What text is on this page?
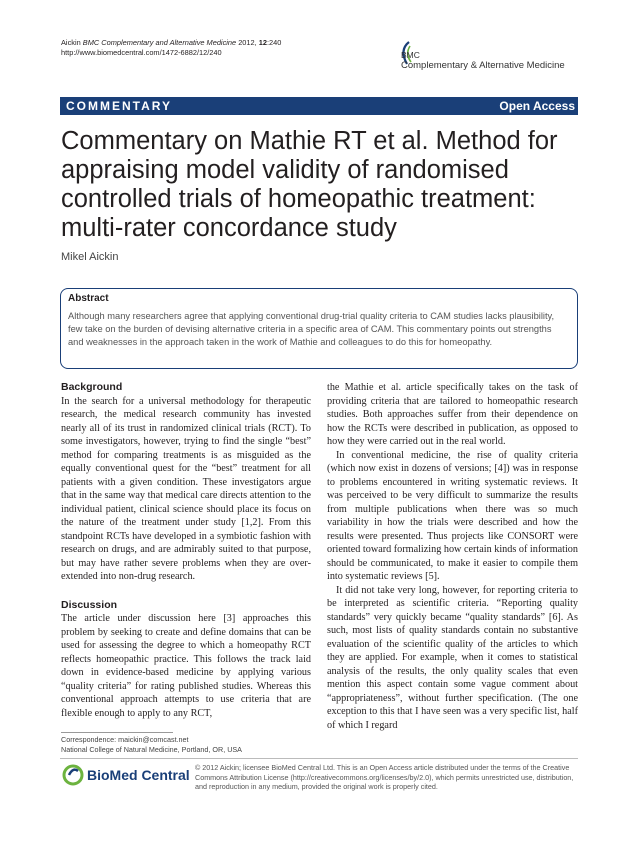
Aickin BMC Complementary and Alternative Medicine 2012, 12:240
http://www.biomedcentral.com/1472-6882/12/240	BMC
Complementary & Alternative Medicine
COMMENTARY	Open Access
Commentary on Mathie RT et al. Method for appraising model validity of randomised controlled trials of homeopathic treatment: multi-rater concordance study
Mikel Aickin
Abstract
Although many researchers agree that applying conventional drug-trial quality criteria to CAM studies lacks plausibility, few take on the burden of devising alternative criteria in a specific area of CAM. This commentary points out strengths and weaknesses in the approach taken in the work of Mathie and colleagues to do this for homeopathy.
Background

In the search for a universal methodology for therapeutic research, the medical research community has invested nearly all of its trust in randomized clinical trials (RCT). To some investigators, however, trying to find the single “best” method for comparing treatments is as misguided as the equally conventional quest for the “best” treatment for all patients with a given condition. These investigators argue that in the same way that medical care directs attention to the individual patient, clinical science should place its focus on the nature of the treatment under study [1,2]. From this standpoint RCTs have developed in a symbiotic fashion with research on drugs, and are admirably suited to that purpose, but may have rather severe problems when they are over-extended into non-drug research.

Discussion

The article under discussion here [3] approaches this problem by seeking to create and define domains that can be used for assessing the degree to which a homeopathy RCT reflects homeopathic practice. This follows the track laid down in evidence-based medicine by applying various “quality criteria” for rating published studies. Whereas this conventional approach attempts to use criteria that are flexible enough to apply to any RCT,

the Mathie et al. article specifically takes on the task of providing criteria that are tailored to homeopathic research studies. Both approaches suffer from their dependence on how the RCTs were described in publication, as opposed to how they were carried out in the real world.

In conventional medicine, the rise of quality criteria (which now exist in dozens of versions; [4]) was in response to problems encountered in writing systematic reviews. It was perceived to be very difficult to summarize the results from multiple publications when there was so much variability in how the trials were described and how the results were presented. Thus projects like CONSORT were oriented toward formalizing how certain kinds of information should be communicated, to make it easier to compile them into systematic reviews [5].

It did not take very long, however, for reporting criteria to be interpreted as scientific criteria. “Reporting quality standards” very quickly became “quality standards” [6]. As such, most lists of quality standards contain no substantive evaluation of the scientific quality of the articles to which they are applied. For example, when it comes to statistical analysis of the results, the only quality scales that even mention this aspect contain some vague comment about “appropriateness”, without further specification. (The one exception to this that I have seen was a very specific list, half of which I regard

Correspondence: maickin@comcast.net
National College of Natural Medicine, Portland, OR, USA
BioMed Central © 2012 Aickin; licensee BioMed Central Ltd. This is an Open Access article distributed under the terms of the Creative Commons Attribution License (http://creativecommons.org/licenses/by/2.0), which permits unrestricted use, distribution, and reproduction in any medium, provided the original work is properly cited.
